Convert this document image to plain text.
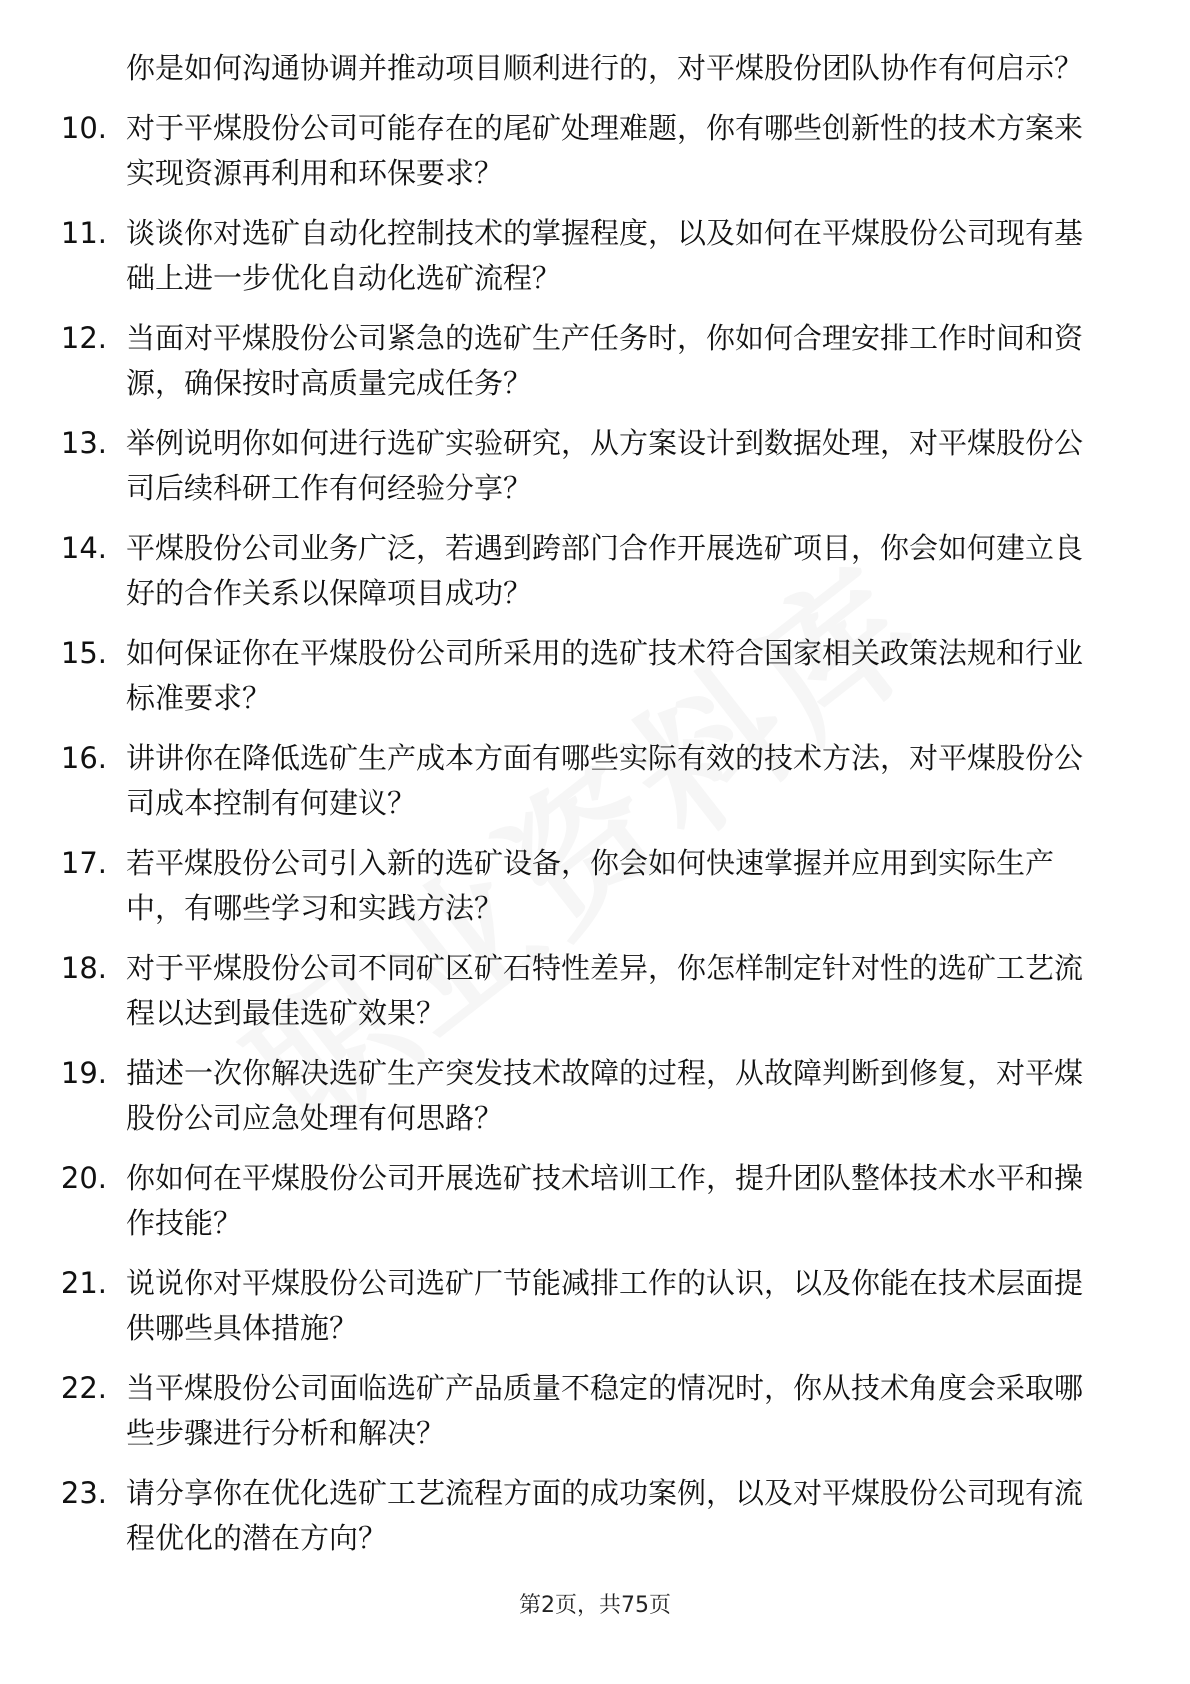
你是如何沟通协调并推动项目顺利进行的，对平煤股份团队协作有何启示？
10. 对于平煤股份公司可能存在的尾矿处理难题，你有哪些创新性的技术方案来实现资源再利用和环保要求？
11. 谈谈你对选矿自动化控制技术的掌握程度，以及如何在平煤股份公司现有基础上进一步优化自动化选矿流程？
12. 当面对平煤股份公司紧急的选矿生产任务时，你如何合理安排工作时间和资源，确保按时高质量完成任务？
13. 举例说明你如何进行选矿实验研究，从方案设计到数据处理，对平煤股份公司后续科研工作有何经验分享？
14. 平煤股份公司业务广泛，若遇到跨部门合作开展选矿项目，你会如何建立良好的合作关系以保障项目成功？
15. 如何保证你在平煤股份公司所采用的选矿技术符合国家相关政策法规和行业标准要求？
16. 讲讲你在降低选矿生产成本方面有哪些实际有效的技术方法，对平煤股份公司成本控制有何建议？
17. 若平煤股份公司引入新的选矿设备，你会如何快速掌握并应用到实际生产中，有哪些学习和实践方法？
18. 对于平煤股份公司不同矿区矿石特性差异，你怎样制定针对性的选矿工艺流程以达到最佳选矿效果？
19. 描述一次你解决选矿生产突发技术故障的过程，从故障判断到修复，对平煤股份公司应急处理有何思路？
20. 你如何在平煤股份公司开展选矿技术培训工作，提升团队整体技术水平和操作技能？
21. 说说你对平煤股份公司选矿厂节能减排工作的认识，以及你能在技术层面提供哪些具体措施？
22. 当平煤股份公司面临选矿产品质量不稳定的情况时，你从技术角度会采取哪些步骤进行分析和解决？
23. 请分享你在优化选矿工艺流程方面的成功案例，以及对平煤股份公司现有流程优化的潜在方向？
第2页，共75页
